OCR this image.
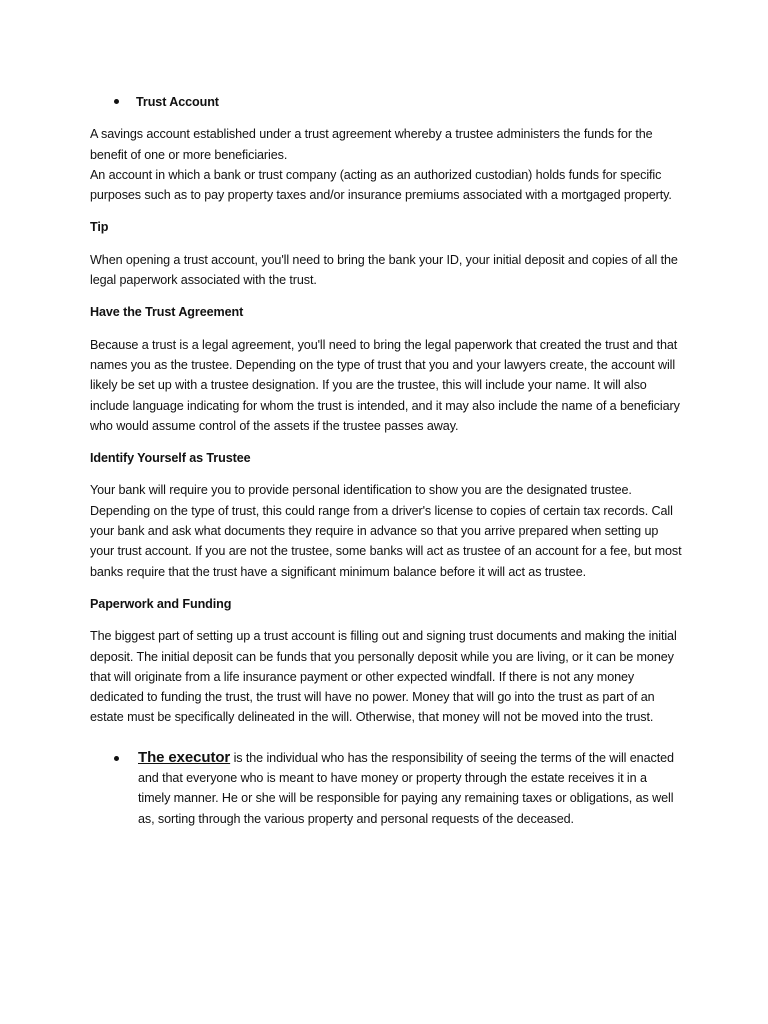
Trust Account

A savings account established under a trust agreement whereby a trustee administers the funds for the benefit of one or more beneficiaries.
An account in which a bank or trust company (acting as an authorized custodian) holds funds for specific purposes such as to pay property taxes and/or insurance premiums associated with a mortgaged property.

Tip

When opening a trust account, you'll need to bring the bank your ID, your initial deposit and copies of all the legal paperwork associated with the trust.

Have the Trust Agreement

Because a trust is a legal agreement, you'll need to bring the legal paperwork that created the trust and that names you as the trustee. Depending on the type of trust that you and your lawyers create, the account will likely be set up with a trustee designation. If you are the trustee, this will include your name. It will also include language indicating for whom the trust is intended, and it may also include the name of a beneficiary who would assume control of the assets if the trustee passes away.

Identify Yourself as Trustee

Your bank will require you to provide personal identification to show you are the designated trustee. Depending on the type of trust, this could range from a driver's license to copies of certain tax records. Call your bank and ask what documents they require in advance so that you arrive prepared when setting up your trust account. If you are not the trustee, some banks will act as trustee of an account for a fee, but most banks require that the trust have a significant minimum balance before it will act as trustee.

Paperwork and Funding

The biggest part of setting up a trust account is filling out and signing trust documents and making the initial deposit. The initial deposit can be funds that you personally deposit while you are living, or it can be money that will originate from a life insurance payment or other expected windfall. If there is not any money dedicated to funding the trust, the trust will have no power. Money that will go into the trust as part of an estate must be specifically delineated in the will. Otherwise, that money will not be moved into the trust.

The executor is the individual who has the responsibility of seeing the terms of the will enacted and that everyone who is meant to have money or property through the estate receives it in a timely manner. He or she will be responsible for paying any remaining taxes or obligations, as well as, sorting through the various property and personal requests of the deceased.
